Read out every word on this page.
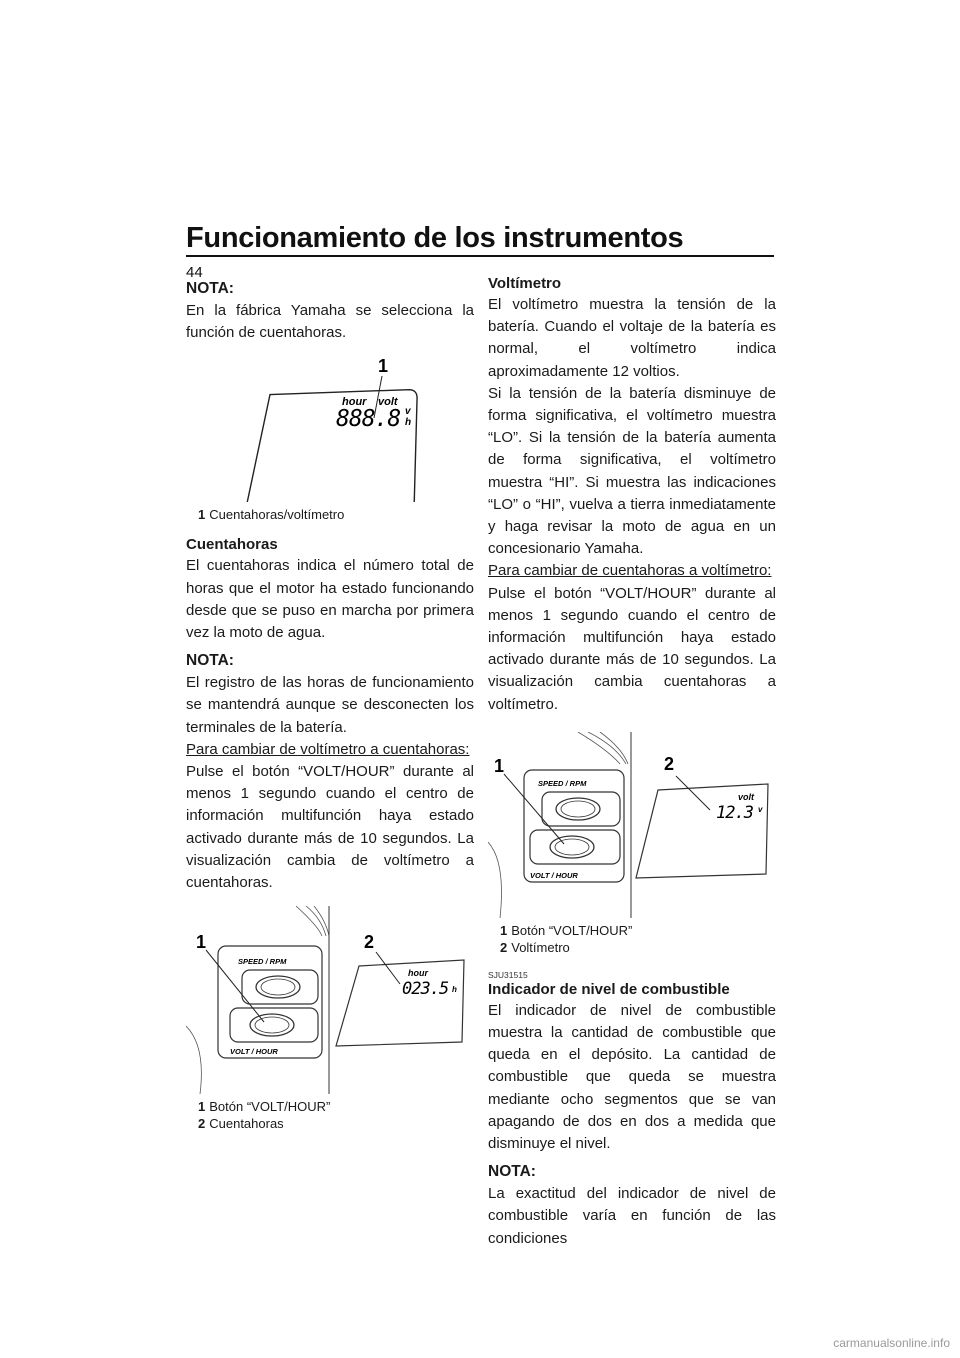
Funcionamiento de los instrumentos
44
NOTA:

En la fábrica Yamaha se selecciona la función de cuentahoras.

1
hour volt
888.8 v
h
1 Cuentahoras/voltímetro
Cuentahoras

El cuentahoras indica el número total de horas que el motor ha estado funcionando desde que se puso en marcha por primera vez la moto de agua.

NOTA:

El registro de las horas de funcionamiento se mantendrá aunque se desconecten los terminales de la batería.

Para cambiar de voltímetro a cuentahoras:

Pulse el botón “VOLT/HOUR” durante al menos 1 segundo cuando el centro de información multifunción haya estado activado durante más de 10 segundos. La visualización cambia de voltímetro a cuentahoras.

SPEED / RPM
VOLT / HOUR
1	2
hour
023.5 h
1 Botón “VOLT/HOUR”
2 Cuentahoras
Voltímetro

El voltímetro muestra la tensión de la batería. Cuando el voltaje de la batería es normal, el voltímetro indica aproximadamente 12 voltios.

Si la tensión de la batería disminuye de forma significativa, el voltímetro muestra “LO”. Si la tensión de la batería aumenta de forma significativa, el voltímetro muestra “HI”. Si muestra las indicaciones “LO” o “HI”, vuelva a tierra inmediatamente y haga revisar la moto de agua en un concesionario Yamaha.

Para cambiar de cuentahoras a voltímetro:

Pulse el botón “VOLT/HOUR” durante al menos 1 segundo cuando el centro de información multifunción haya estado activado durante más de 10 segundos. La visualización cambia cuentahoras a voltímetro.

SPEED / RPM
VOLT / HOUR
1	2
volt
12.3 v
1 Botón “VOLT/HOUR”
2 Voltímetro
SJU31515
Indicador de nivel de combustible

El indicador de nivel de combustible muestra la cantidad de combustible que queda en el depósito. La cantidad de combustible que queda se muestra mediante ocho segmentos que se van apagando de dos en dos a medida que disminuye el nivel.

NOTA:

La exactitud del indicador de nivel de combustible varía en función de las condiciones

carmanualsonline.info
